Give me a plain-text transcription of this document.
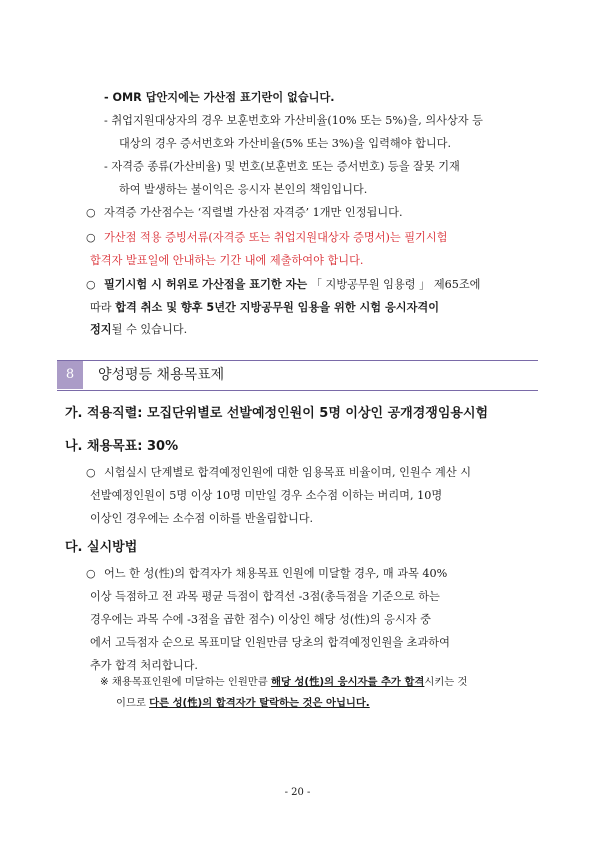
- OMR 답안지에는 가산점 표기란이 없습니다.
- 취업지원대상자의 경우 보훈번호와 가산비율(10% 또는 5%)을, 의사상자 등
대상의 경우 증서번호와 가산비율(5% 또는 3%)을 입력해야 합니다.
- 자격증 종류(가산비율) 및 번호(보훈번호 또는 증서번호) 등을 잘못 기재
하여 발생하는 불이익은 응시자 본인의 책임입니다.
○ 자격증 가산점수는 ‘직렬별 가산점 자격증’ 1개만 인정됩니다.
○ 가산점 적용 증빙서류(자격증 또는 취업지원대상자 증명서)는 필기시험
합격자 발표일에 안내하는 기간 내에 제출하여야 합니다.
○ 필기시험 시 허위로 가산점을 표기한 자는 「 지방공무원 임용령 」 제65조에
따라 합격 취소 및 향후 5년간 지방공무원 임용을 위한 시험 응시자격이
정지될 수 있습니다.
8	양성평등 채용목표제
가. 적용직렬: 모집단위별로 선발예정인원이 5명 이상인 공개경쟁임용시험
나. 채용목표: 30%
○ 시험실시 단계별로 합격예정인원에 대한 임용목표 비율이며, 인원수 계산 시
선발예정인원이 5명 이상 10명 미만일 경우 소수점 이하는 버리며, 10명
이상인 경우에는 소수점 이하를 반올림합니다.
다. 실시방법
○ 어느 한 성(性)의 합격자가 채용목표 인원에 미달할 경우, 매 과목 40%
이상 득점하고 전 과목 평균 득점이 합격선 -3점(총득점을 기준으로 하는
경우에는 과목 수에 -3점을 곱한 점수) 이상인 해당 성(性)의 응시자 중
에서 고득점자 순으로 목표미달 인원만큼 당초의 합격예정인원을 초과하여
추가 합격 처리합니다.
※ 채용목표인원에 미달하는 인원만큼 해당 성(性)의 응시자를 추가 합격시키는 것
이므로 다른 성(性)의 합격자가 탈락하는 것은 아닙니다.
- 20 -
